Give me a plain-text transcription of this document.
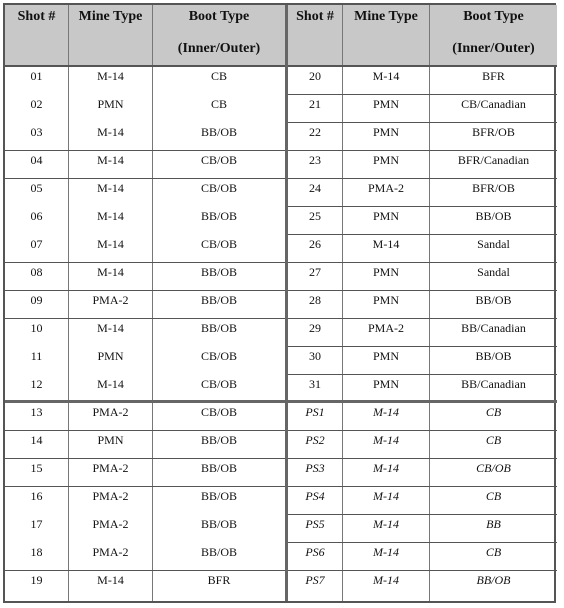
Shot #	Mine Type	Boot Type
(Inner/Outer)
01	M-14	CB
02	PMN	CB
03	M-14	BB/OB
04	M-14	CB/OB
05	M-14	CB/OB
06	M-14	BB/OB
07	M-14	CB/OB
08	M-14	BB/OB
09	PMA-2	BB/OB
10	M-14	BB/OB
11	PMN	CB/OB
12	M-14	CB/OB
13	PMA-2	CB/OB
14	PMN	BB/OB
15	PMA-2	BB/OB
16	PMA-2	BB/OB
17	PMA-2	BB/OB
18	PMA-2	BB/OB
19	M-14	BFR
Shot #	Mine Type	Boot Type
(Inner/Outer)
20	M-14	BFR
21	PMN	CB/Canadian
22	PMN	BFR/OB
23	PMN	BFR/Canadian
24	PMA-2	BFR/OB
25	PMN	BB/OB
26	M-14	Sandal
27	PMN	Sandal
28	PMN	BB/OB
29	PMA-2	BB/Canadian
30	PMN	BB/OB
31	PMN	BB/Canadian
PS1	M-14	CB
PS2	M-14	CB
PS3	M-14	CB/OB
PS4	M-14	CB
PS5	M-14	BB
PS6	M-14	CB
PS7	M-14	BB/OB
